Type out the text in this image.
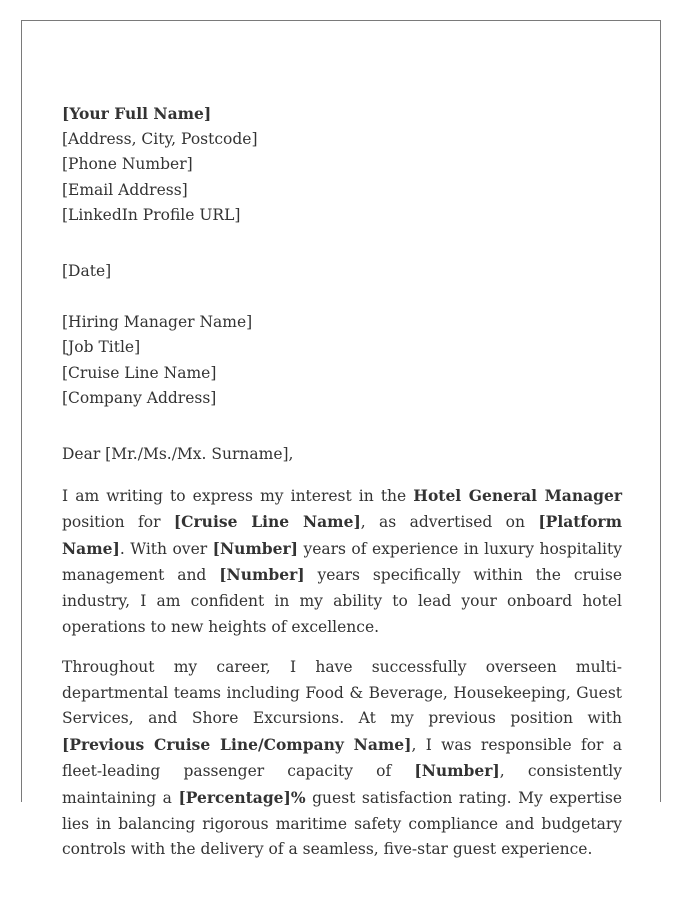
[Your Full Name]
[Address, City, Postcode]
[Phone Number]
[Email Address]
[LinkedIn Profile URL]
[Date]
[Hiring Manager Name]
[Job Title]
[Cruise Line Name]
[Company Address]
Dear [Mr./Ms./Mx. Surname],

I am writing to express my interest in the Hotel General Manager position for [Cruise Line Name], as advertised on [Platform Name]. With over [Number] years of experience in luxury hospitality management and [Number] years specifically within the cruise industry, I am confident in my ability to lead your onboard hotel operations to new heights of excellence.

Throughout my career, I have successfully overseen multi-departmental teams including Food & Beverage, Housekeeping, Guest Services, and Shore Excursions. At my previous position with [Previous Cruise Line/Company Name], I was responsible for a fleet-leading passenger capacity of [Number], consistently maintaining a [Percentage]% guest satisfaction rating. My expertise lies in balancing rigorous maritime safety compliance and budgetary controls with the delivery of a seamless, five-star guest experience.
